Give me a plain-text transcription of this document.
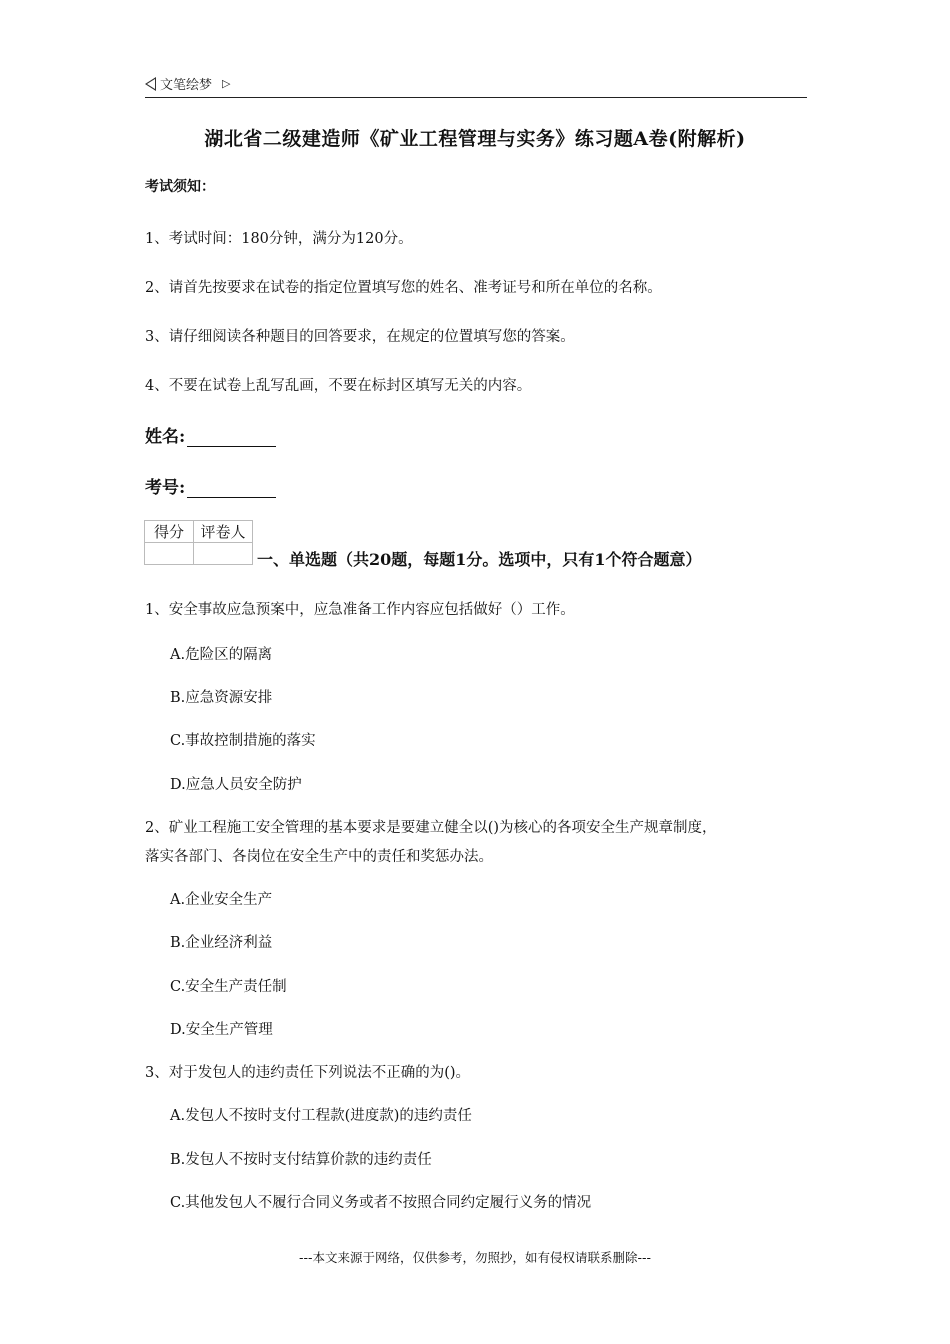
文笔绘梦 ▷
湖北省二级建造师《矿业工程管理与实务》练习题A卷(附解析)
考试须知：
1、考试时间：180分钟，满分为120分。
2、请首先按要求在试卷的指定位置填写您的姓名、准考证号和所在单位的名称。
3、请仔细阅读各种题目的回答要求，在规定的位置填写您的答案。
4、不要在试卷上乱写乱画，不要在标封区填写无关的内容。
姓名:
考号:
得分	评卷人

一、单选题（共20题，每题1分。选项中，只有1个符合题意）
1、安全事故应急预案中，应急准备工作内容应包括做好（）工作。
A.危险区的隔离
B.应急资源安排
C.事故控制措施的落实
D.应急人员安全防护
2、矿业工程施工安全管理的基本要求是要建立健全以()为核心的各项安全生产规章制度，
落实各部门、各岗位在安全生产中的责任和奖惩办法。
A.企业安全生产
B.企业经济利益
C.安全生产责任制
D.安全生产管理
3、对于发包人的违约责任下列说法不正确的为()。
A.发包人不按时支付工程款(进度款)的违约责任
B.发包人不按时支付结算价款的违约责任
C.其他发包人不履行合同义务或者不按照合同约定履行义务的情况
---本文来源于网络，仅供参考，勿照抄，如有侵权请联系删除---
